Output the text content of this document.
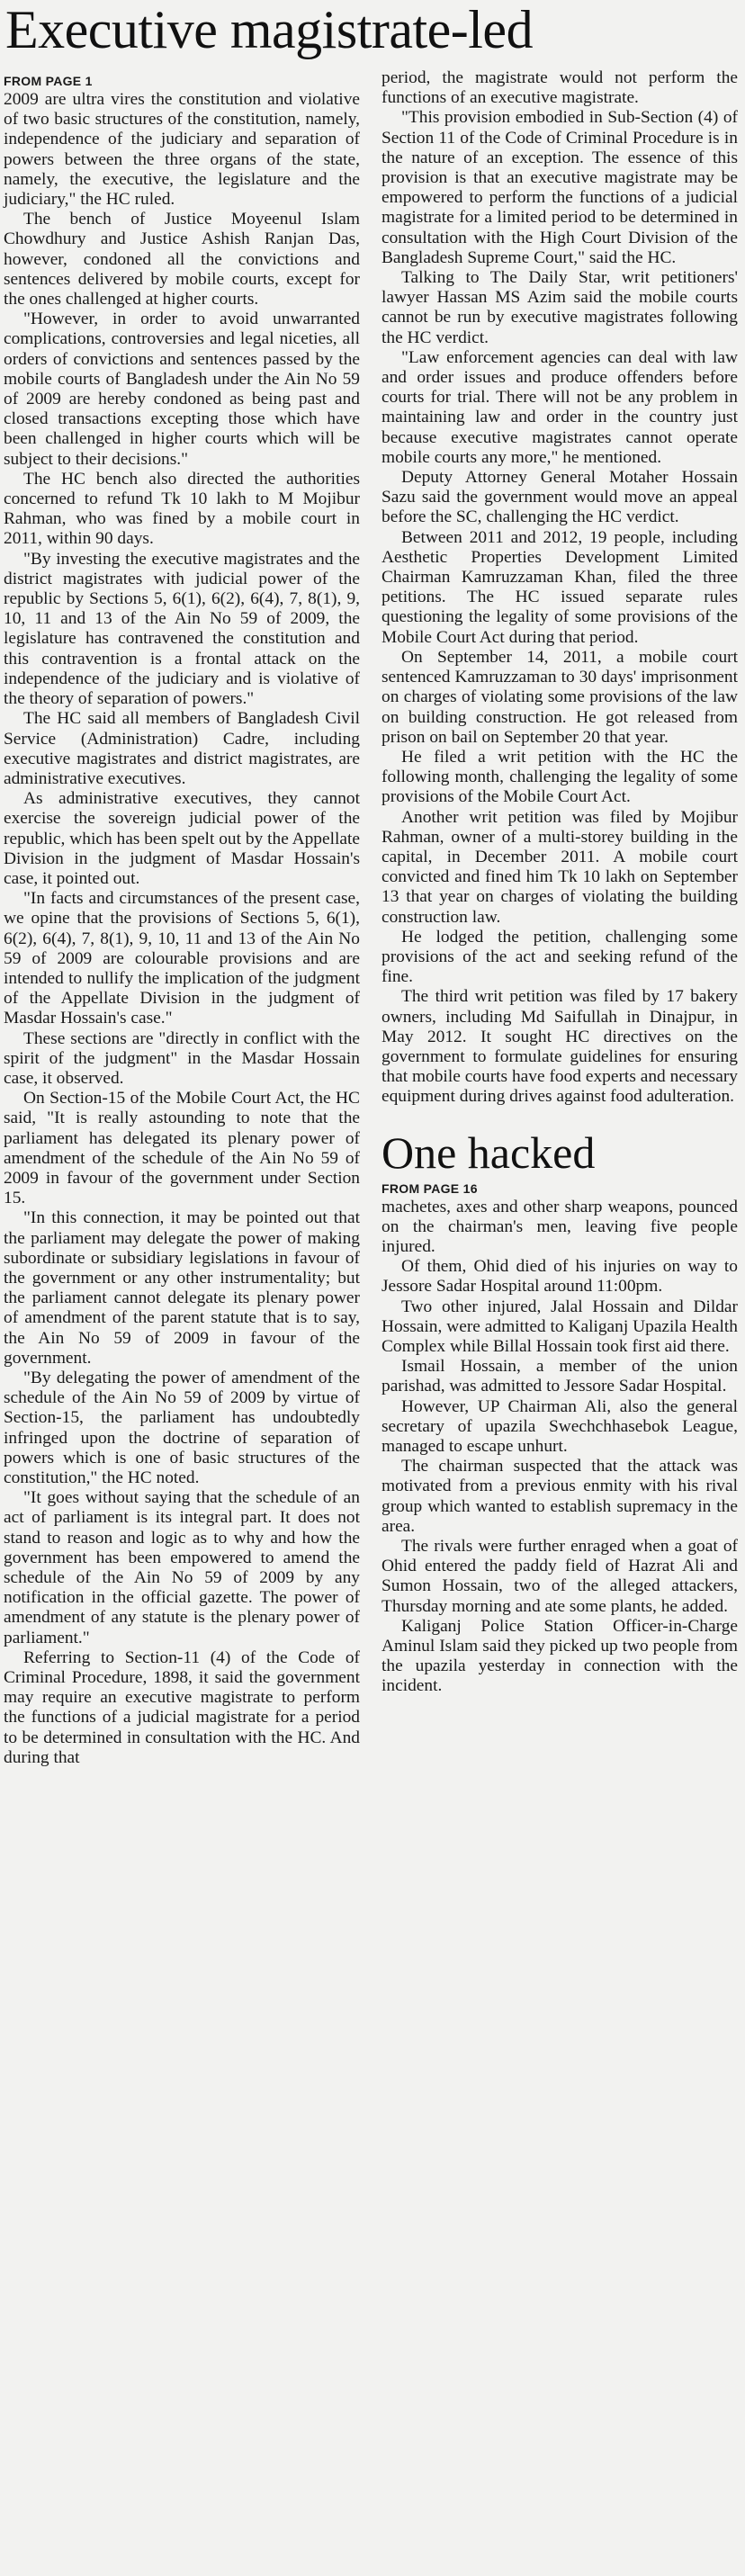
Executive magistrate-led

FROM PAGE 1

2009 are ultra vires the constitution and violative of two basic structures of the constitution, namely, independence of the judiciary and separation of powers between the three organs of the state, namely, the executive, the legislature and the judiciary," the HC ruled.

The bench of Justice Moyeenul Islam Chowdhury and Justice Ashish Ranjan Das, however, condoned all the convictions and sentences delivered by mobile courts, except for the ones challenged at higher courts.

"However, in order to avoid unwarranted complications, controversies and legal niceties, all orders of convictions and sentences passed by the mobile courts of Bangladesh under the Ain No 59 of 2009 are hereby condoned as being past and closed transactions excepting those which have been challenged in higher courts which will be subject to their decisions."

The HC bench also directed the authorities concerned to refund Tk 10 lakh to M Mojibur Rahman, who was fined by a mobile court in 2011, within 90 days.

"By investing the executive magistrates and the district magistrates with judicial power of the republic by Sections 5, 6(1), 6(2), 6(4), 7, 8(1), 9, 10, 11 and 13 of the Ain No 59 of 2009, the legislature has contravened the constitution and this contravention is a frontal attack on the independence of the judiciary and is violative of the theory of separation of powers."

The HC said all members of Bangladesh Civil Service (Administration) Cadre, including executive magistrates and district magistrates, are administrative executives.

As administrative executives, they cannot exercise the sovereign judicial power of the republic, which has been spelt out by the Appellate Division in the judgment of Masdar Hossain's case, it pointed out.

"In facts and circumstances of the present case, we opine that the provisions of Sections 5, 6(1), 6(2), 6(4), 7, 8(1), 9, 10, 11 and 13 of the Ain No 59 of 2009 are colourable provisions and are intended to nullify the implication of the judgment of the Appellate Division in the judgment of Masdar Hossain's case."

These sections are "directly in conflict with the spirit of the judgment" in the Masdar Hossain case, it observed.

On Section-15 of the Mobile Court Act, the HC said, "It is really astounding to note that the parliament has delegated its plenary power of amendment of the schedule of the Ain No 59 of 2009 in favour of the government under Section 15.

"In this connection, it may be pointed out that the parliament may delegate the power of making subordinate or subsidiary legislations in favour of the government or any other instrumentality; but the parliament cannot delegate its plenary power of amendment of the parent statute that is to say, the Ain No 59 of 2009 in favour of the government.

"By delegating the power of amendment of the schedule of the Ain No 59 of 2009 by virtue of Section-15, the parliament has undoubtedly infringed upon the doctrine of separation of powers which is one of basic structures of the constitution," the HC noted.

"It goes without saying that the schedule of an act of parliament is its integral part. It does not stand to reason and logic as to why and how the government has been empowered to amend the schedule of the Ain No 59 of 2009 by any notification in the official gazette. The power of amendment of any statute is the plenary power of parliament."

Referring to Section-11 (4) of the Code of Criminal Procedure, 1898, it said the government may require an executive magistrate to perform the functions of a judicial magistrate for a period to be determined in consultation with the HC. And during that

period, the magistrate would not perform the functions of an executive magistrate.

"This provision embodied in Sub-Section (4) of Section 11 of the Code of Criminal Procedure is in the nature of an exception. The essence of this provision is that an executive magistrate may be empowered to perform the functions of a judicial magistrate for a limited period to be determined in consultation with the High Court Division of the Bangladesh Supreme Court," said the HC.

Talking to The Daily Star, writ petitioners' lawyer Hassan MS Azim said the mobile courts cannot be run by executive magistrates following the HC verdict.

"Law enforcement agencies can deal with law and order issues and produce offenders before courts for trial. There will not be any problem in maintaining law and order in the country just because executive magistrates cannot operate mobile courts any more," he mentioned.

Deputy Attorney General Motaher Hossain Sazu said the government would move an appeal before the SC, challenging the HC verdict.

Between 2011 and 2012, 19 people, including Aesthetic Properties Development Limited Chairman Kamruzzaman Khan, filed the three petitions. The HC issued separate rules questioning the legality of some provisions of the Mobile Court Act during that period.

On September 14, 2011, a mobile court sentenced Kamruzzaman to 30 days' imprisonment on charges of violating some provisions of the law on building construction. He got released from prison on bail on September 20 that year.

He filed a writ petition with the HC the following month, challenging the legality of some provisions of the Mobile Court Act.

Another writ petition was filed by Mojibur Rahman, owner of a multi-storey building in the capital, in December 2011. A mobile court convicted and fined him Tk 10 lakh on September 13 that year on charges of violating the building construction law.

He lodged the petition, challenging some provisions of the act and seeking refund of the fine.

The third writ petition was filed by 17 bakery owners, including Md Saifullah in Dinajpur, in May 2012. It sought HC directives on the government to formulate guidelines for ensuring that mobile courts have food experts and necessary equipment during drives against food adulteration.

One hacked

FROM PAGE 16

machetes, axes and other sharp weapons, pounced on the chairman's men, leaving five people injured.

Of them, Ohid died of his injuries on way to Jessore Sadar Hospital around 11:00pm.

Two other injured, Jalal Hossain and Dildar Hossain, were admitted to Kaliganj Upazila Health Complex while Billal Hossain took first aid there.

Ismail Hossain, a member of the union parishad, was admitted to Jessore Sadar Hospital.

However, UP Chairman Ali, also the general secretary of upazila Swechchhasebok League, managed to escape unhurt.

The chairman suspected that the attack was motivated from a previous enmity with his rival group which wanted to establish supremacy in the area.

The rivals were further enraged when a goat of Ohid entered the paddy field of Hazrat Ali and Sumon Hossain, two of the alleged attackers, Thursday morning and ate some plants, he added.

Kaliganj Police Station Officer-in-Charge Aminul Islam said they picked up two people from the upazila yesterday in connection with the incident.
